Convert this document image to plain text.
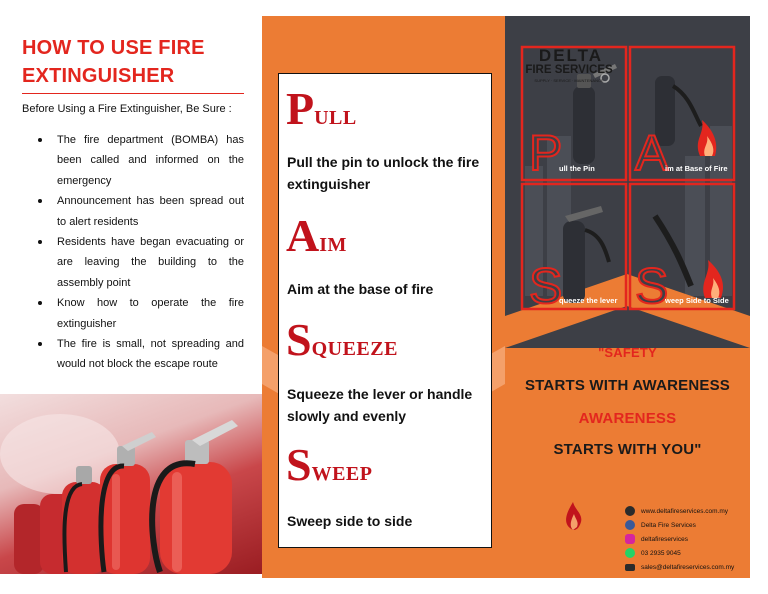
HOW TO USE FIRE
EXTINGUISHER
Before Using a Fire Extinguisher, Be Sure :
The fire department (BOMBA) has been called and informed on the emergency
Announcement has been spread out to alert residents
Residents have began evacuating or are leaving the building to the assembly point
Know how to operate the fire extinguisher
The fire is small, not spreading and would not block the escape route
PULL
Pull the pin to unlock the fire extinguisher
AIM
Aim at the base of fire
SQUEEZE
Squeeze the lever or handle slowly and evenly
SWEEP
Sweep side to side
P
ull the Pin A
im at Base of Fire
S
queeze the lever S
weep Side to Side
"SAFETY
STARTS WITH AWARENESS
AWARENESS
STARTS WITH YOU"
DELTA
FIRE SERVICES
SUPPLY · SERVICE · MAINTENANCE
www.deltafireservices.com.my
Delta Fire Services
deltafireservices
03 2935 9045
sales@deltafireservices.com.my
